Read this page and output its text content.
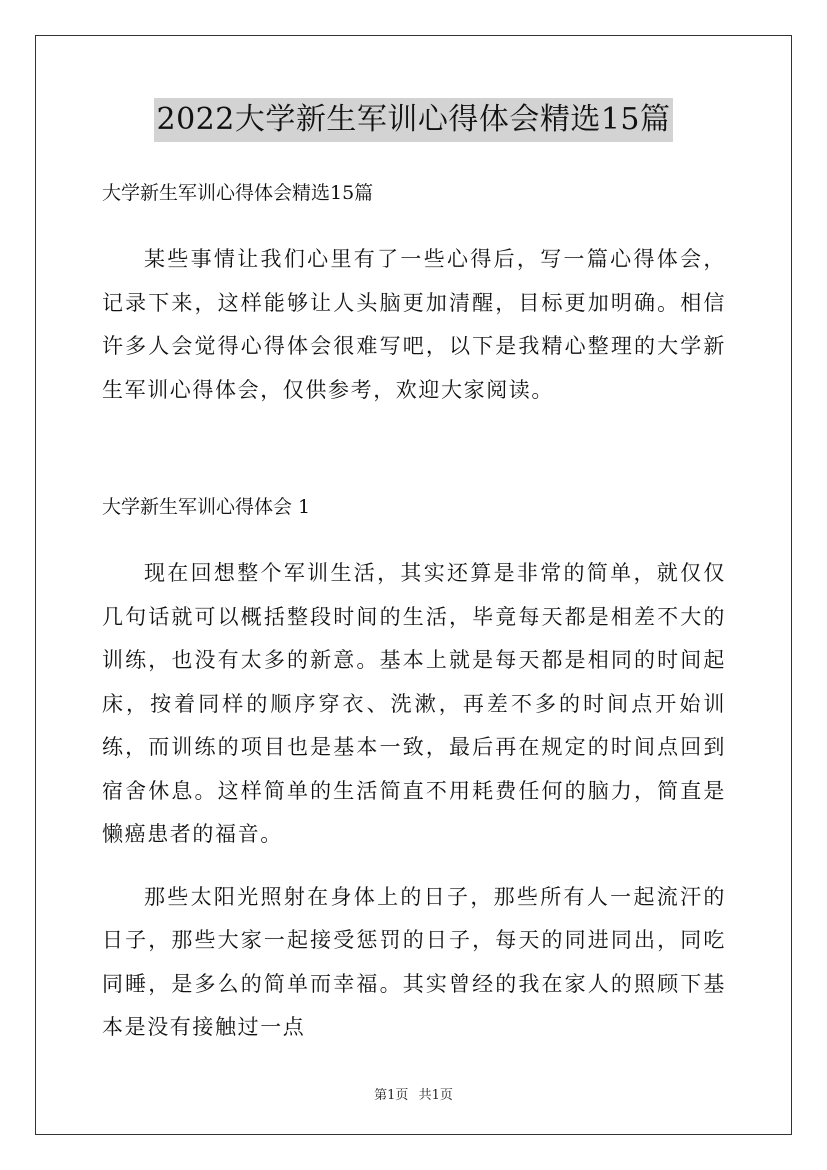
2022大学新生军训心得体会精选15篇

大学新生军训心得体会精选15篇

某些事情让我们心里有了一些心得后，写一篇心得体会，记录下来，这样能够让人头脑更加清醒，目标更加明确。相信许多人会觉得心得体会很难写吧，以下是我精心整理的大学新生军训心得体会，仅供参考，欢迎大家阅读。

大学新生军训心得体会 1

现在回想整个军训生活，其实还算是非常的简单，就仅仅几句话就可以概括整段时间的生活，毕竟每天都是相差不大的训练，也没有太多的新意。基本上就是每天都是相同的时间起床，按着同样的顺序穿衣、洗漱，再差不多的时间点开始训练，而训练的项目也是基本一致，最后再在规定的时间点回到宿舍休息。这样简单的生活简直不用耗费任何的脑力，简直是懒癌患者的福音。

那些太阳光照射在身体上的日子，那些所有人一起流汗的日子，那些大家一起接受惩罚的日子，每天的同进同出，同吃同睡，是多么的简单而幸福。其实曾经的我在家人的照顾下基本是没有接触过一点

第1页 共1页
